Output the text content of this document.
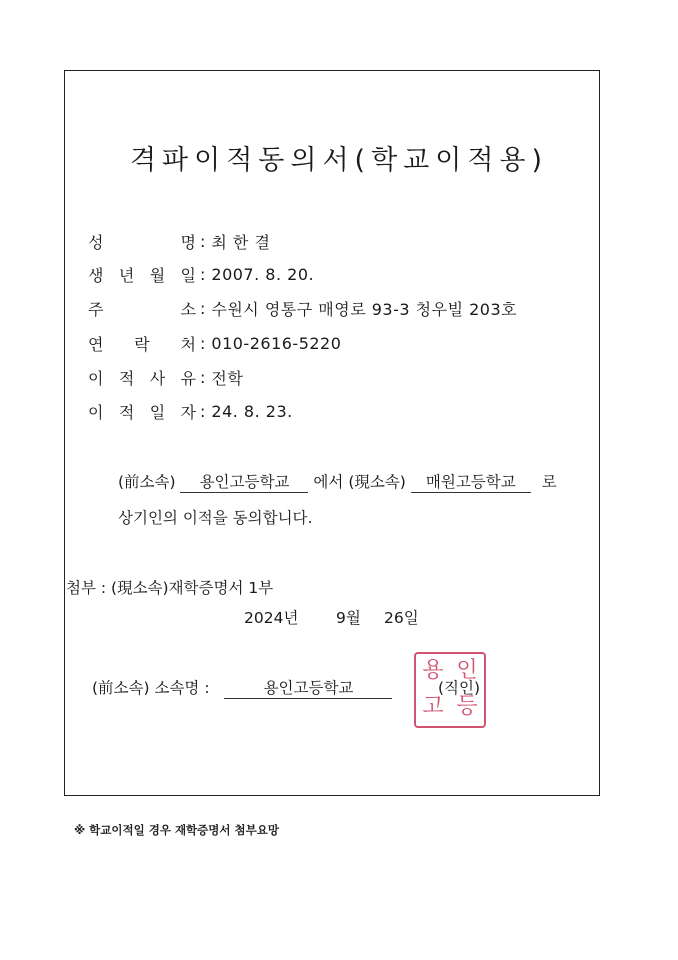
격파이적동의서(학교이적용)
성	명 : 최 한 결
생 년 월 일 : 2007. 8. 20.
주	소 : 수원시 영통구 매영로 93-3 청우빌 203호
연 락 처 : 010-2616-5220
이 적 사 유 : 전학
이 적 일 자 : 24. 8. 23.
(前소속) 용인고등학교 에서 (現소속) 매원고등학교 로
상기인의 이적을 동의합니다.
첨부 : (現소속)재학증명서 1부
2024년 9월 26일
(前소속) 소속명 :	용인고등학교
용 인
고 등
(직인)
※ 학교이적일 경우 재학증명서 첨부요망
